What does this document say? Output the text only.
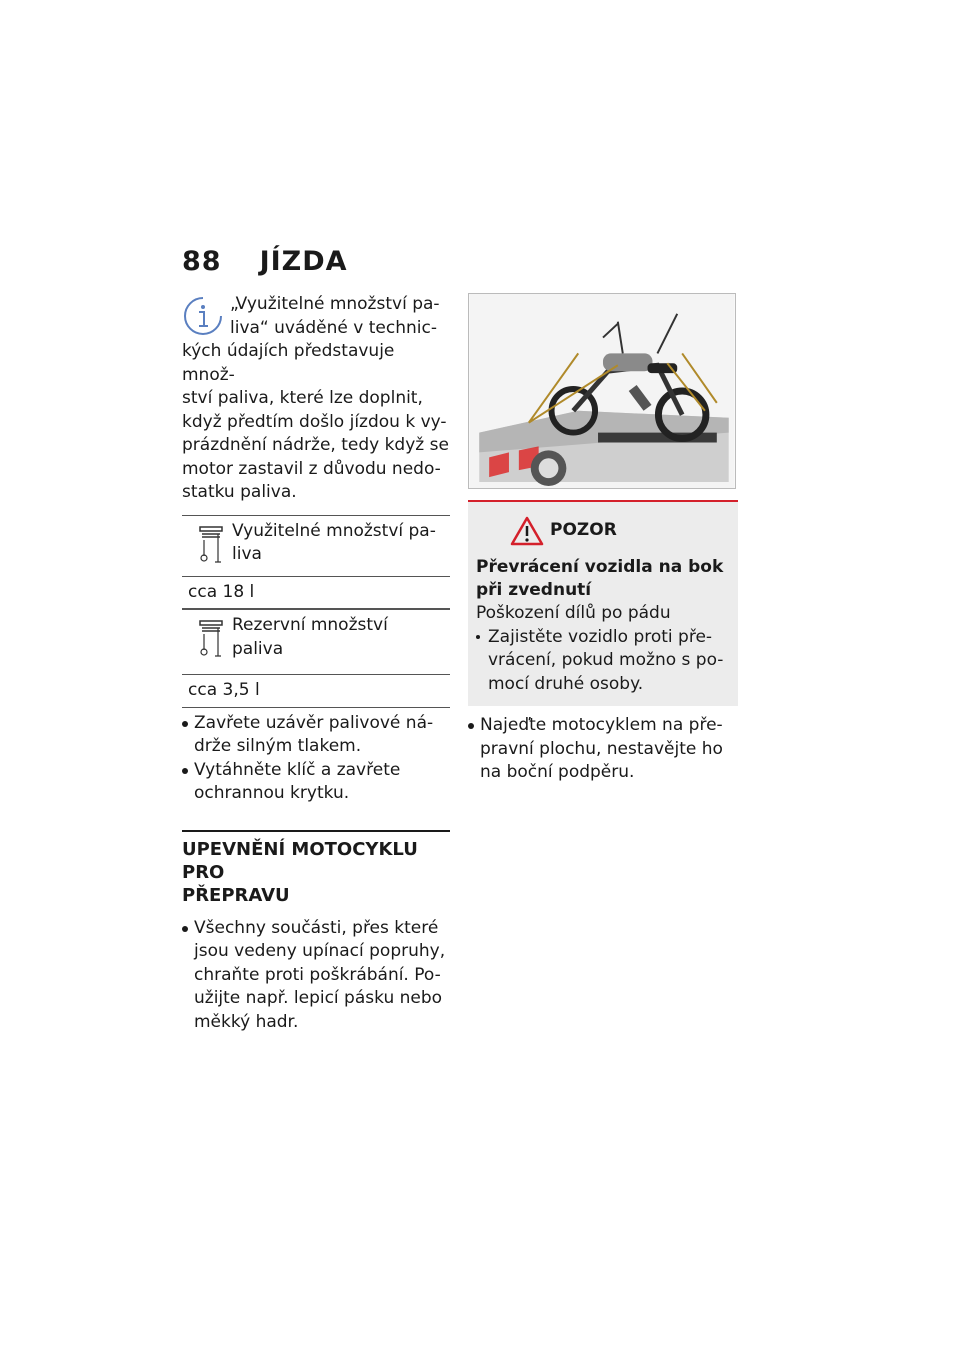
88 JÍZDA
„Využitelné množství pa-
liva“ uváděné v technic-
kých údajích představuje množ-
ství paliva, které lze doplnit,
když předtím došlo jízdou k vy-
prázdnění nádrže, tedy když se
motor zastavil z důvodu nedo-
statku paliva.
Využitelné množství pa-
liva
cca 18 l
Rezervní množství paliva
cca 3,5 l
Zavřete uzávěr palivové ná-
drže silným tlakem.
Vytáhněte klíč a zavřete
ochrannou krytku.
UPEVNĚNÍ MOTOCYKLU PRO
PŘEPRAVU
Všechny součásti, přes které
jsou vedeny upínací popruhy,
chraňte proti poškrábání. Po-
užijte např. lepicí pásku nebo
měkký hadr.
POZOR
Převrácení vozidla na bok
při zvednutí
Poškození dílů po pádu
Zajistěte vozidlo proti pře-
vrácení, pokud možno s po-
mocí druhé osoby.
Najeďte motocyklem na pře-
pravní plochu, nestavějte ho
na boční podpěru.
